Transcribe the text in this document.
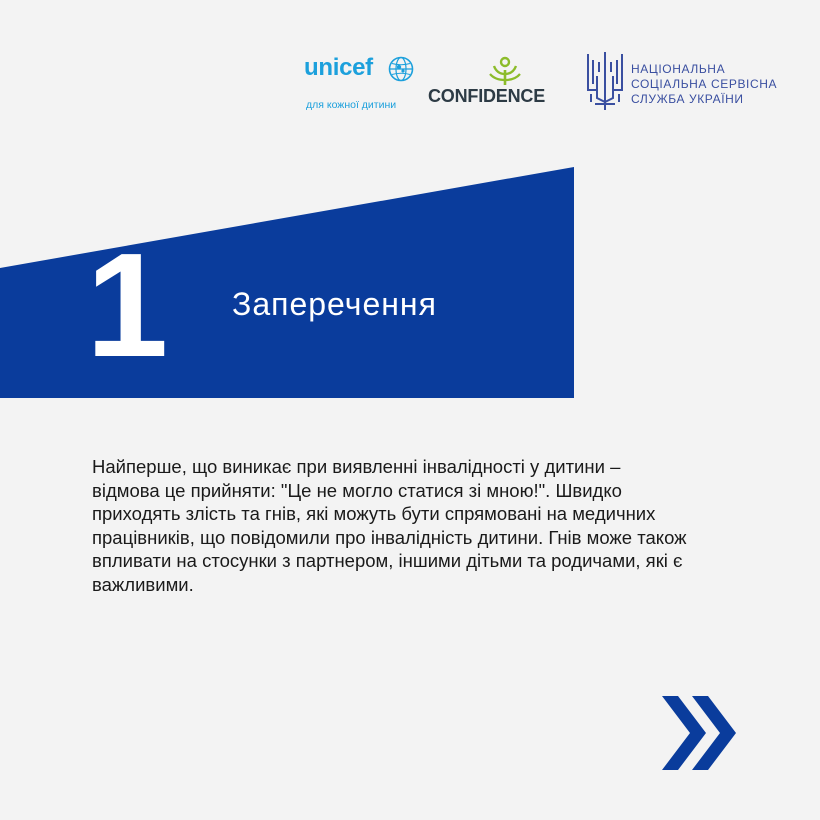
unicef
для кожної дитини CONFIDENCE
НАЦІОНАЛЬНА
СОЦІАЛЬНА СЕРВІСНА
СЛУЖБА УКРАЇНИ
1 Заперечення
Найперше, що виникає при виявленні інвалідності у дитини – відмова це прийняти: "Це не могло статися зі мною!". Швидко приходять злість та гнів, які можуть бути спрямовані на медичних працівників, що повідомили про інвалідність дитини. Гнів може також впливати на стосунки з партнером, іншими дітьми та родичами, які є важливими.
